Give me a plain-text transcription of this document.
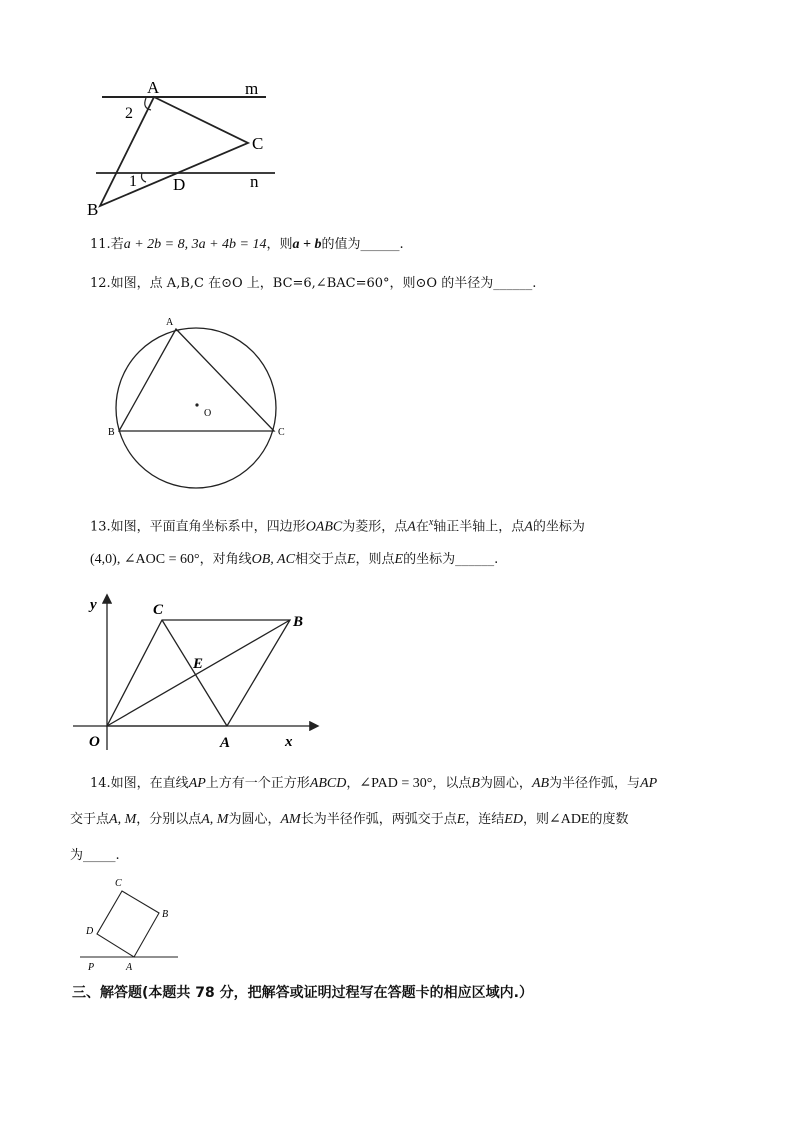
A	m
C
D	n
B
1
2
11.若a + 2b = 8, 3a + 4b = 14，则a + b的值为______.
12.如图，点 A,B,C 在⊙O 上，BC=6,∠BAC=60°，则⊙O 的半径为______.
A
B	C
O
13.如图，平面直角坐标系中，四边形OABC为菱形，点A在$^x$轴正半轴上，点A的坐标为
(4,0), ∠AOC = 60°，对角线OB, AC相交于点E，则点E的坐标为______.
y
x
O	A
B
C
E
14.如图，在直线AP上方有一个正方形ABCD，∠PAD = 30°，以点B为圆心，AB为半径作弧，与AP
交于点A, M，分别以点A, M为圆心，AM长为半径作弧，两弧交于点E，连结ED，则∠ADE的度数
为_____.
C
B
D
A
P
三、解答题(本题共 78 分，把解答或证明过程写在答题卡的相应区域内.）
